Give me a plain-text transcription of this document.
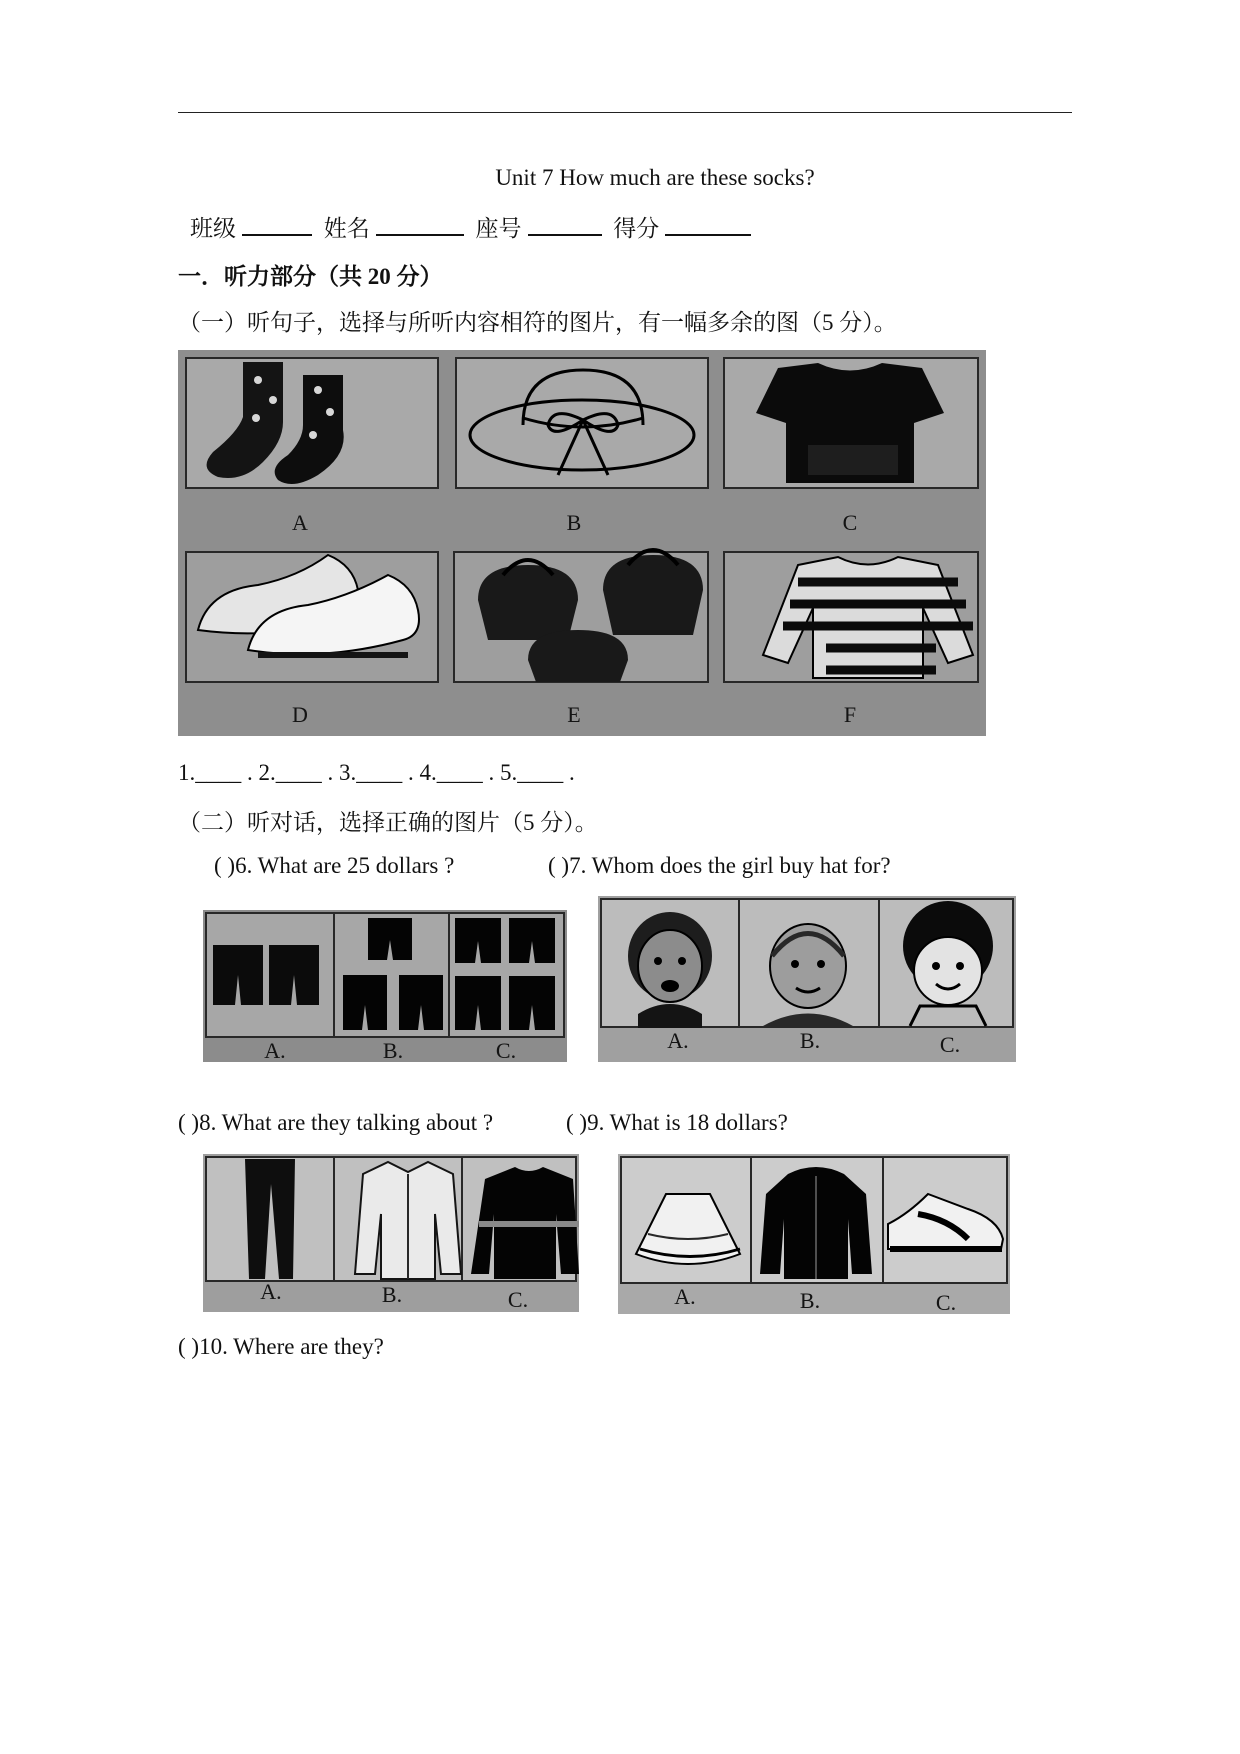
Unit 7 How much are these socks?
班级	姓名	座号	得分
一．听力部分（共 20 分）
（一）听句子，选择与所听内容相符的图片，有一幅多余的图（5 分）。
A	B	C
D	E	F
1.____ . 2.____ . 3.____ . 4.____ . 5.____ .
（二）听对话，选择正确的图片（5 分）。
( )6. What are 25 dollars ?	( )7. Whom does the girl buy hat for?
A.	B.	C.	A.	B.	C.
( )8. What are they talking about ?	( )9. What is 18 dollars?
A.	B.	C.	A.	B.	C.
( )10. Where are they?
